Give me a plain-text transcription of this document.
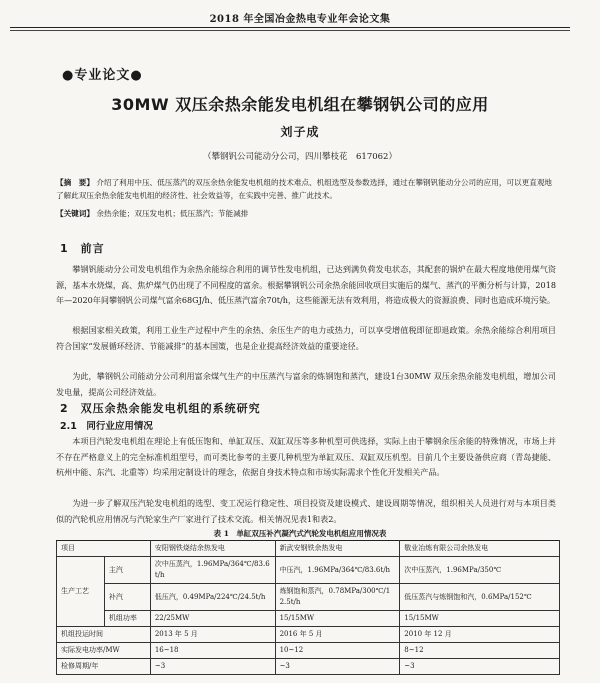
2018 年全国冶金热电专业年会论文集
●专业论文●
30MW 双压余热余能发电机组在攀钢钒公司的应用
刘子成
（攀钢钒公司能动分公司，四川攀枝花　617062）
【摘　要】 介绍了利用中压、低压蒸汽的双压余热余能发电机组的技术难点、机组选型及参数选择，通过在攀钢钒能动分公司的应用，可以更直观地了解此双压余热余能发电机组的经济性、社会效益等，在实践中完善、推广此技术。
【关键词】 余热余能；双压发电机；低压蒸汽；节能减排
1　前言
攀钢钒能动分公司发电机组作为余热余能综合利用的调节性发电机组，已达到满负荷发电状态，其配套的锅炉在最大程度地使用煤气资源，基本水烧煤，高、焦炉煤气仍出现了不同程度的富余。根据攀钢钒公司余热余能回收项目实施后的煤气、蒸汽的平衡分析与计算，2018年—2020年间攀钢钒公司煤气富余68GJ/h、低压蒸汽富余70t/h，这些能源无法有效利用，将造成极大的资源浪费、同时也造成环境污染。
根据国家相关政策，利用工业生产过程中产生的余热、余压生产的电力或热力，可以享受增值税即征即退政策。余热余能综合利用项目符合国家“发展循环经济、节能减排”的基本国策，也是企业提高经济效益的重要途径。
为此，攀钢钒公司能动分公司利用富余煤气生产的中压蒸汽与富余的炼钢饱和蒸汽，建设1台30MW 双压余热余能发电机组，增加公司发电量，提高公司经济效益。
2　双压余热余能发电机组的系统研究
2.1　同行业应用情况
本项目汽轮发电机组在理论上有低压饱和、单缸双压、双缸双压等多种机型可供选择，实际上由于攀钢余压余能的特殊情况，市场上并不存在严格意义上的完全标准机组型号，而可类比参考的主要几种机型为单缸双压、双缸双压机型。目前几个主要设备供应商（青岛捷能、杭州中能、东汽、北重等）均采用定制设计的理念，依据自身技术特点和市场实际需求个性化开发相关产品。
为进一步了解双压汽轮发电机组的选型、变工况运行稳定性、项目投资及建设模式、建设周期等情况，组织相关人员进行对与本项目类似的汽轮机应用情况与汽轮家生产厂家进行了技术交流。相关情况见表1和表2。
表 1　单缸双压补汽凝汽式汽轮发电机组应用情况表
项目		安阳钢铁烧结余热发电	新武安钢铁余热发电	敬业冶炼有限公司余热发电
生产工艺	主汽	次中压蒸汽，1.96MPa/364℃/83.6t/h	中压汽，1.96MPa/364℃/83.6t/h	次中压蒸汽，1.96MPa/350℃
	补汽	低压汽，0.49MPa/224℃/24.5t/h	炼钢饱和蒸汽，0.78MPa/300℃/12.5t/h	低压蒸汽与炼钢饱和汽，0.6MPa/152℃
	机组功率	22/25MW	15/15MW	15/15MW
机组投运时间		2013 年 5 月	2016 年 5 月	2010 年 12 月
实际发电功率/MW		16~18	10~12	8~12
检修周期/年		~3	~3	~3
